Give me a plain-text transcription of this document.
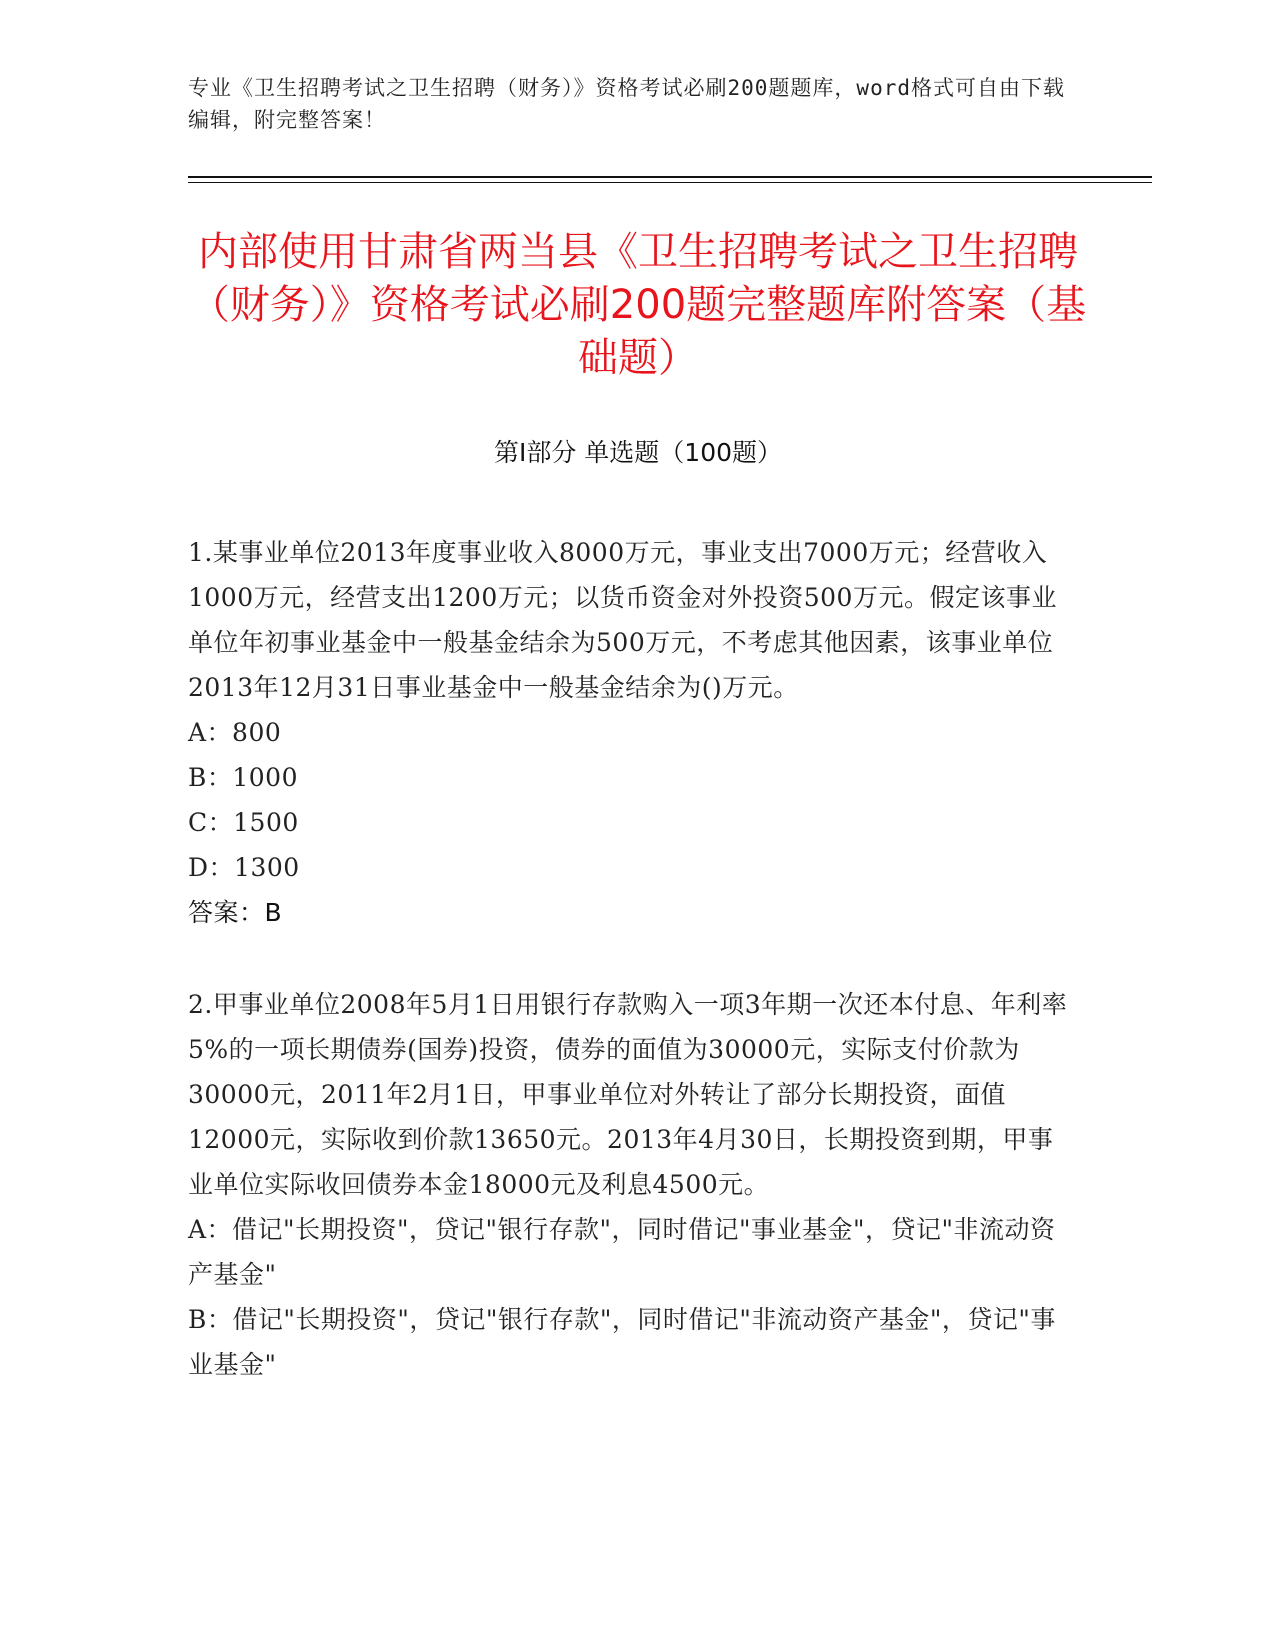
专业《卫生招聘考试之卫生招聘（财务）》资格考试必刷200题题库，word格式可自由下载编辑，附完整答案！
内部使用甘肃省两当县《卫生招聘考试之卫生招聘（财务）》资格考试必刷200题完整题库附答案（基础题）
第I部分 单选题（100题）

1.某事业单位2013年度事业收入8000万元，事业支出7000万元；经营收入1000万元，经营支出1200万元；以货币资金对外投资500万元。假定该事业单位年初事业基金中一般基金结余为500万元，不考虑其他因素，该事业单位2013年12月31日事业基金中一般基金结余为()万元。

A：800

B：1000

C：1500

D：1300

答案：B

2.甲事业单位2008年5月1日用银行存款购入一项3年期一次还本付息、年利率5%的一项长期债券(国券)投资，债券的面值为30000元，实际支付价款为30000元，2011年2月1日，甲事业单位对外转让了部分长期投资，面值12000元，实际收到价款13650元。2013年4月30日，长期投资到期，甲事业单位实际收回债券本金18000元及利息4500元。

A：借记"长期投资"，贷记"银行存款"，同时借记"事业基金"，贷记"非流动资产基金"

B：借记"长期投资"，贷记"银行存款"，同时借记"非流动资产基金"，贷记"事业基金"
